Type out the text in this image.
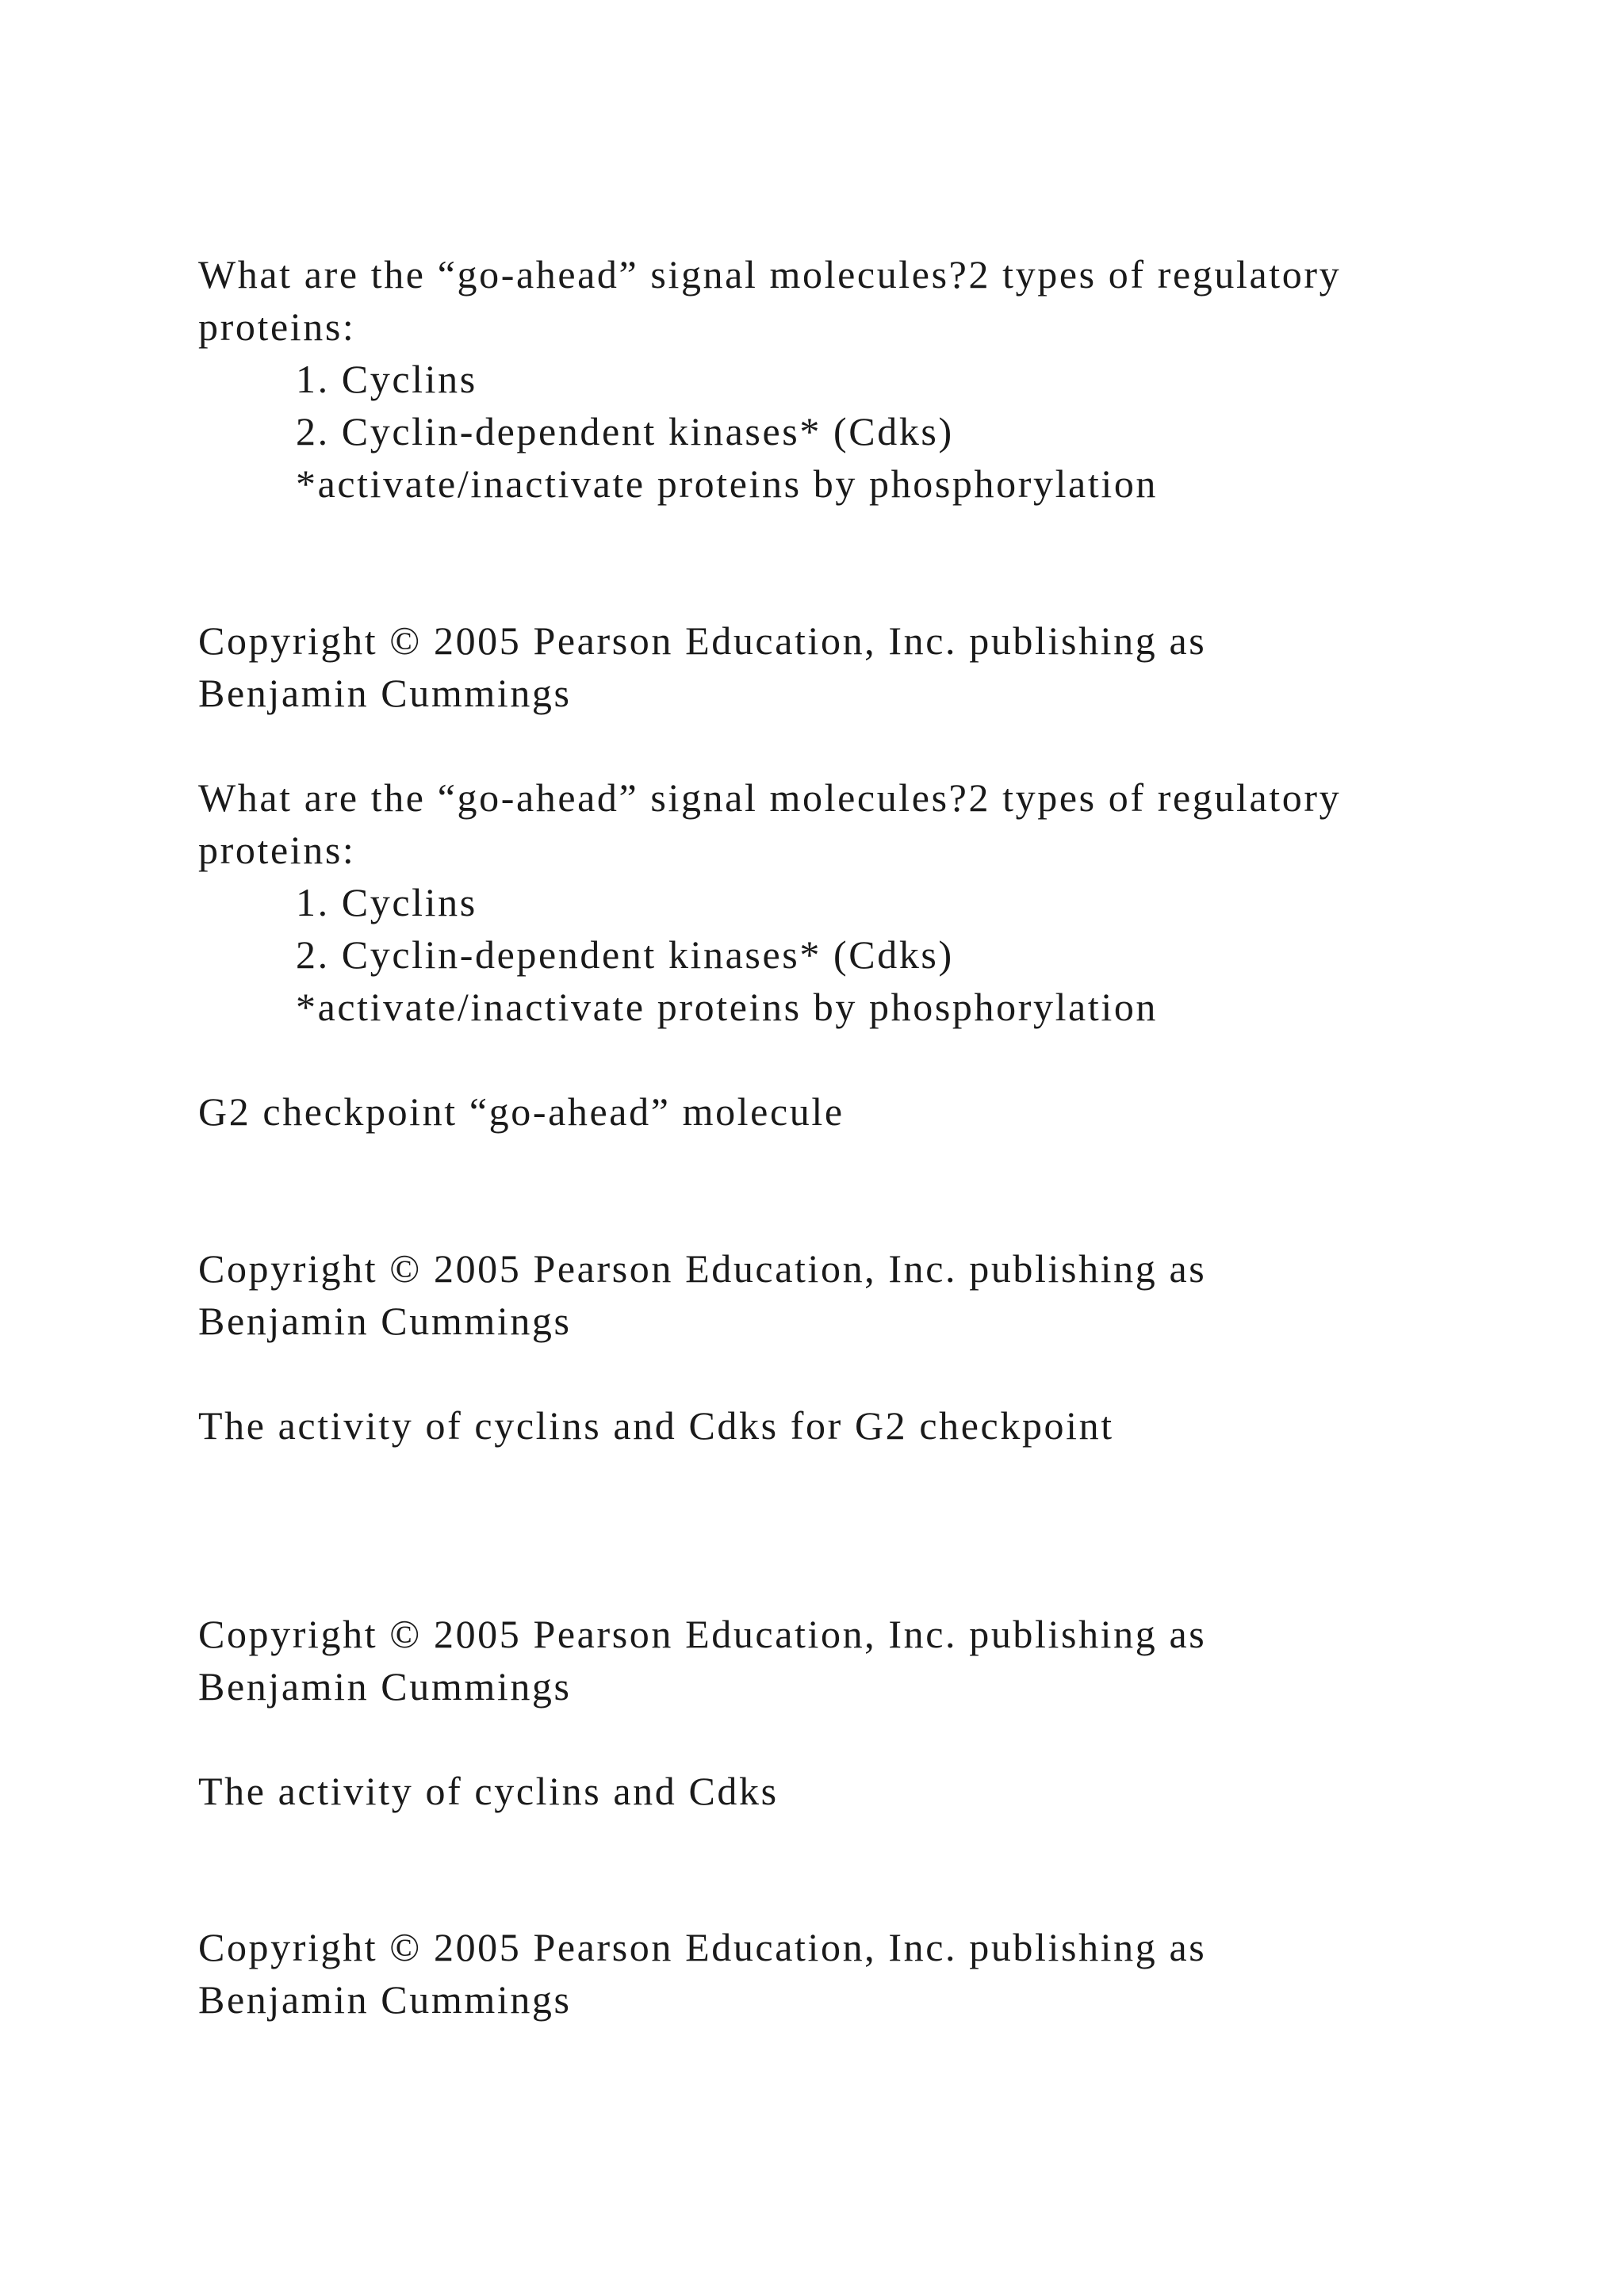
What are the “go-ahead” signal molecules?2 types of regulatory

proteins:

1. Cyclins

2. Cyclin-dependent kinases* (Cdks)

*activate/inactivate proteins by phosphorylation

Copyright © 2005 Pearson Education, Inc. publishing as

Benjamin Cummings

What are the “go-ahead” signal molecules?2 types of regulatory

proteins:

1. Cyclins

2. Cyclin-dependent kinases* (Cdks)

*activate/inactivate proteins by phosphorylation

G2 checkpoint “go-ahead” molecule

Copyright © 2005 Pearson Education, Inc. publishing as

Benjamin Cummings

The activity of cyclins and Cdks for G2 checkpoint

Copyright © 2005 Pearson Education, Inc. publishing as

Benjamin Cummings

The activity of cyclins and Cdks

Copyright © 2005 Pearson Education, Inc. publishing as

Benjamin Cummings
